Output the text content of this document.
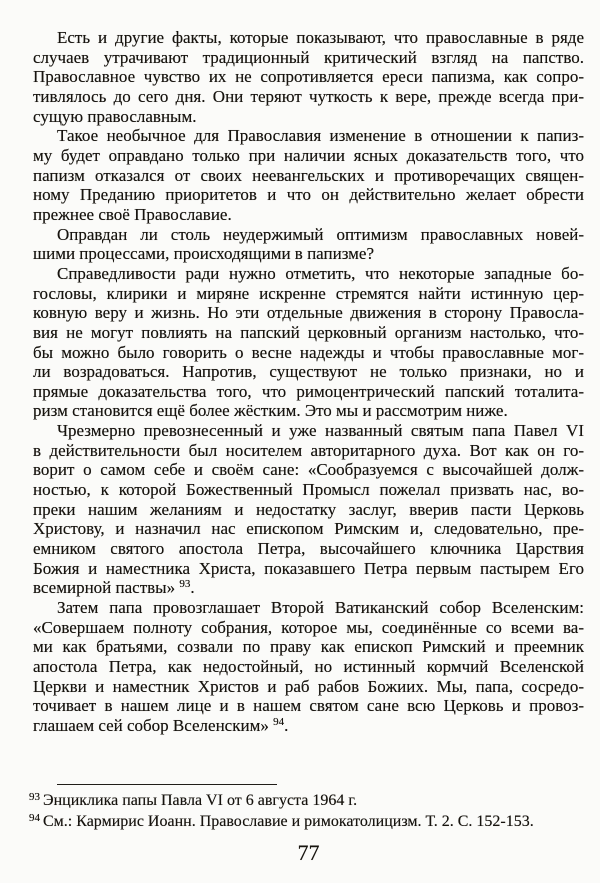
Есть и другие факты, которые показывают, что православные в ряде
случаев утрачивают традиционный критический взгляд на папство.
Православное чувство их не сопротивляется ереси папизма, как сопро-
тивлялось до сего дня. Они теряют чуткость к вере, прежде всегда при-
сущую православным.
Такое необычное для Православия изменение в отношении к папиз-
му будет оправдано только при наличии ясных доказательств того, что
папизм отказался от своих неевангельских и противоречащих священ-
ному Преданию приоритетов и что он действительно желает обрести
прежнее своё Православие.
Оправдан ли столь неудержимый оптимизм православных новей-
шими процессами, происходящими в папизме?
Справедливости ради нужно отметить, что некоторые западные бо-
гословы, клирики и миряне искренне стремятся найти истинную цер-
ковную веру и жизнь. Но эти отдельные движения в сторону Правосла-
вия не могут повлиять на папский церковный организм настолько, что-
бы можно было говорить о весне надежды и чтобы православные мог-
ли возрадоваться. Напротив, существуют не только признаки, но и
прямые доказательства того, что римоцентрический папский тоталита-
ризм становится ещё более жёстким. Это мы и рассмотрим ниже.
Чрезмерно превознесенный и уже названный святым папа Павел VI
в действительности был носителем авторитарного духа. Вот как он го-
ворит о самом себе и своём сане: «Сообразуемся с высочайшей долж-
ностью, к которой Божественный Промысл пожелал призвать нас, во-
преки нашим желаниям и недостатку заслуг, вверив пасти Церковь
Христову, и назначил нас епископом Римским и, следовательно, пре-
емником святого апостола Петра, высочайшего ключника Царствия
Божия и наместника Христа, показавшего Петра первым пастырем Его
всемирной паствы» $^{93}$.
Затем папа провозглашает Второй Ватиканский собор Вселенским:
«Совершаем полноту собрания, которое мы, соединённые со всеми ва-
ми как братьями, созвали по праву как епископ Римский и преемник
апостола Петра, как недостойный, но истинный кормчий Вселенской
Церкви и наместник Христов и раб рабов Божиих. Мы, папа, сосредо-
точивает в нашем лице и в нашем святом сане всю Церковь и провоз-
глашаем сей собор Вселенским» $^{94}$.
$^{93}$ Энциклика папы Павла VI от 6 августа 1964 г.
$^{94}$ См.: Кармирис Иоанн. Православие и римокатолицизм. Т. 2. С. 152-153.
77
